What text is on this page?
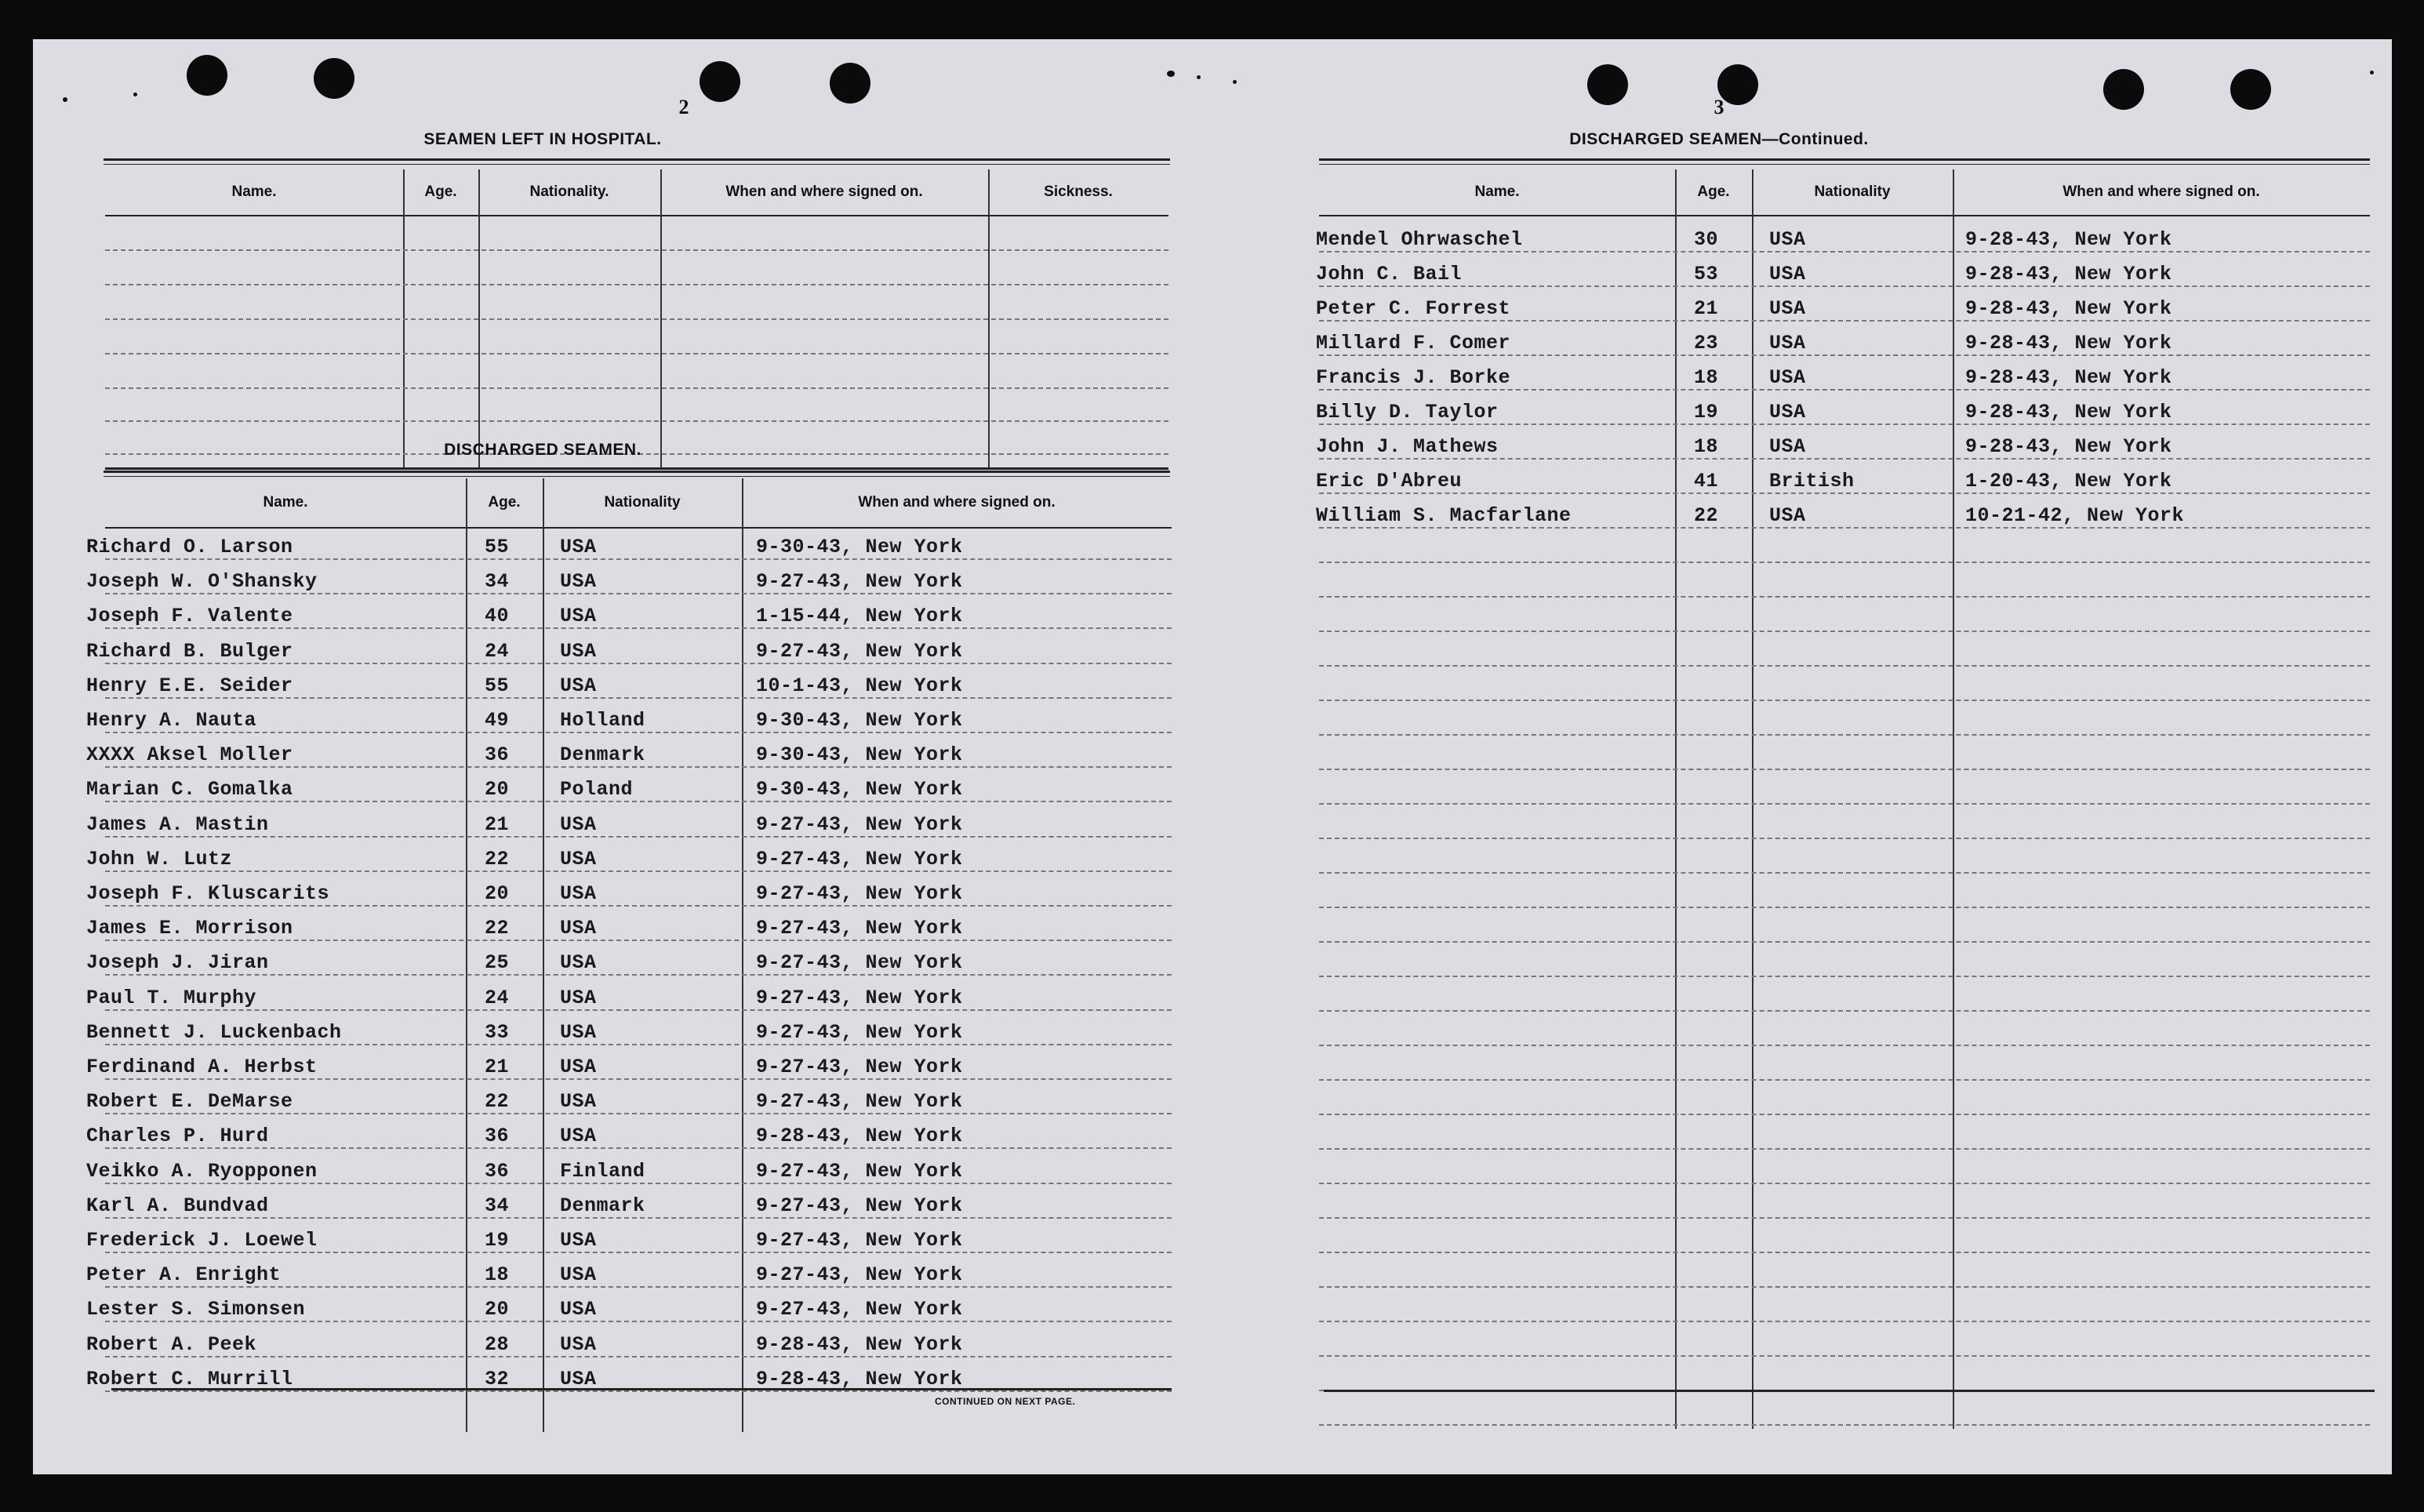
2
SEAMEN LEFT IN HOSPITAL.
Name.	Age.	Nationality.	When and where signed on.	Sickness.
DISCHARGED SEAMEN.
Name.	Age.	Nationality	When and where signed on.
Richard O. Larson	55	USA	9-30-43, New York
Joseph W. O'Shansky	34	USA	9-27-43, New York
Joseph F. Valente	40	USA	1-15-44, New York
Richard B. Bulger	24	USA	9-27-43, New York
Henry E.E. Seider	55	USA	10-1-43, New York
Henry A. Nauta	49	Holland	9-30-43, New York
XXXX Aksel Moller	36	Denmark	9-30-43, New York
Marian C. Gomalka	20	Poland	9-30-43, New York
James A. Mastin	21	USA	9-27-43, New York
John W. Lutz	22	USA	9-27-43, New York
Joseph F. Kluscarits	20	USA	9-27-43, New York
James E. Morrison	22	USA	9-27-43, New York
Joseph J. Jiran	25	USA	9-27-43, New York
Paul T. Murphy	24	USA	9-27-43, New York
Bennett J. Luckenbach	33	USA	9-27-43, New York
Ferdinand A. Herbst	21	USA	9-27-43, New York
Robert E. DeMarse	22	USA	9-27-43, New York
Charles P. Hurd	36	USA	9-28-43, New York
Veikko A. Ryopponen	36	Finland	9-27-43, New York
Karl A. Bundvad	34	Denmark	9-27-43, New York
Frederick J. Loewel	19	USA	9-27-43, New York
Peter A. Enright	18	USA	9-27-43, New York
Lester S. Simonsen	20	USA	9-27-43, New York
Robert A. Peek	28	USA	9-28-43, New York
Robert C. Murrill	32	USA	9-28-43, New York
CONTINUED ON NEXT PAGE.
3
DISCHARGED SEAMEN—Continued.
Name.	Age.	Nationality	When and where signed on.
Mendel Ohrwaschel	30	USA	9-28-43, New York
John C. Bail	53	USA	9-28-43, New York
Peter C. Forrest	21	USA	9-28-43, New York
Millard F. Comer	23	USA	9-28-43, New York
Francis J. Borke	18	USA	9-28-43, New York
Billy D. Taylor	19	USA	9-28-43, New York
John J. Mathews	18	USA	9-28-43, New York
Eric D'Abreu	41	British	1-20-43, New York
William S. Macfarlane	22	USA	10-21-42, New York
